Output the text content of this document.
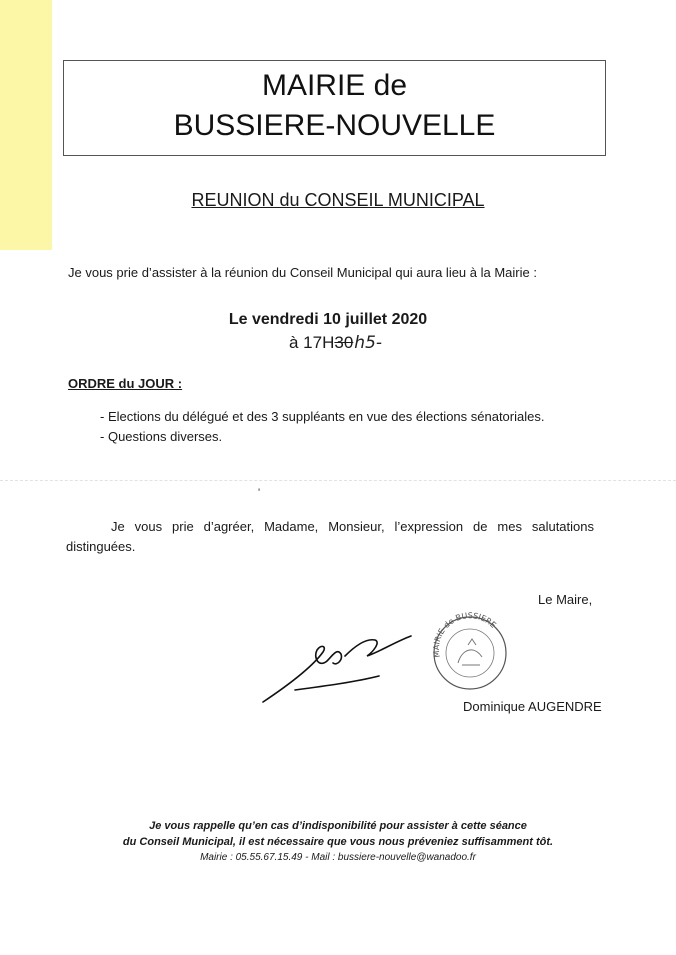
MAIRIE de
BUSSIERE-NOUVELLE
REUNION du CONSEIL MUNICIPAL
Je vous prie d’assister à la réunion du Conseil Municipal qui aura lieu à la Mairie :
Le vendredi 10 juillet 2020
à 17H30h5-
ORDRE du JOUR :
- Elections du délégué et des 3 suppléants en vue des élections sénatoriales.
- Questions diverses.
'
Je vous prie d’agréer, Madame, Monsieur, l’expression de mes salutations distinguées.
Le Maire,
MAIRIE de BUSSIERE
Dominique AUGENDRE
Je vous rappelle qu’en cas d’indisponibilité pour assister à cette séance
du Conseil Municipal, il est nécessaire que vous nous préveniez suffisamment tôt.
Mairie : 05.55.67.15.49 - Mail : bussiere-nouvelle@wanadoo.fr
